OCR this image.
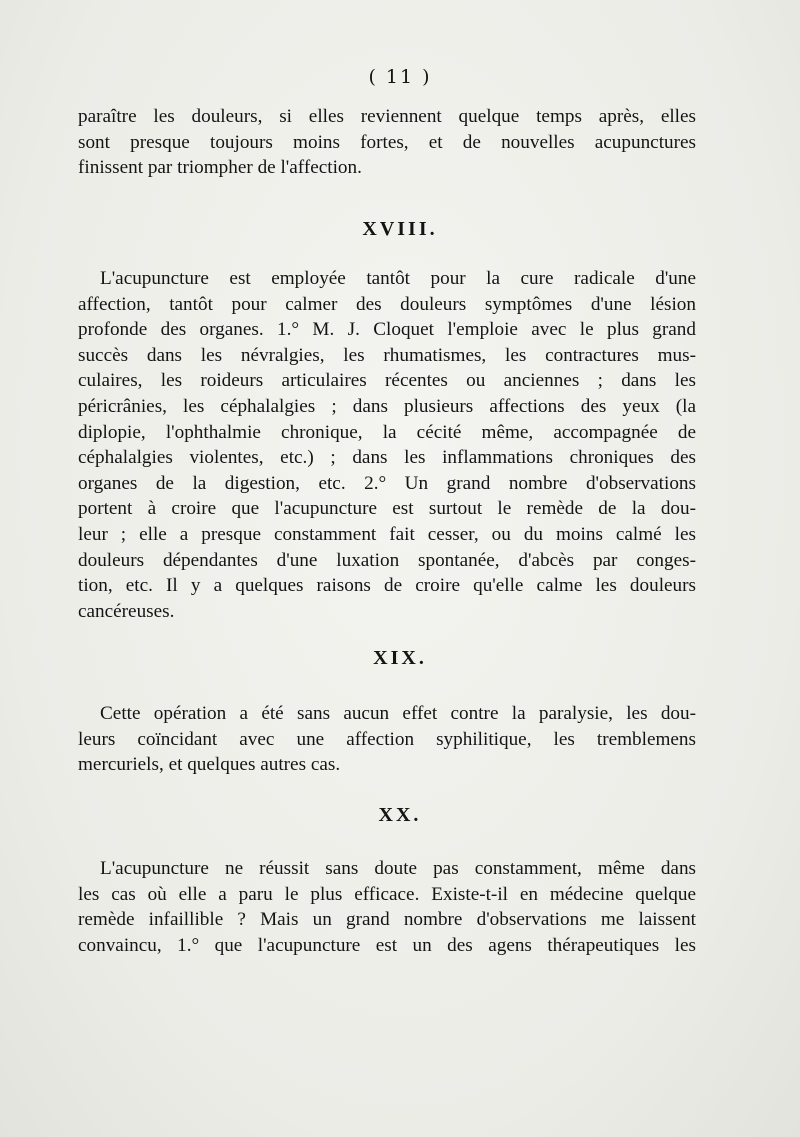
( 11 )
paraître les douleurs, si elles reviennent quelque temps après, elles
sont presque toujours moins fortes, et de nouvelles acupunctures
finissent par triompher de l'affection.
XVIII.
L'acupuncture est employée tantôt pour la cure radicale d'une
affection, tantôt pour calmer des douleurs symptômes d'une lésion
profonde des organes. 1.° M. J. Cloquet l'emploie avec le plus grand
succès dans les névralgies, les rhumatismes, les contractures mus-
culaires, les roideurs articulaires récentes ou anciennes ; dans les
péricrânies, les céphalalgies ; dans plusieurs affections des yeux (la
diplopie, l'ophthalmie chronique, la cécité même, accompagnée de
céphalalgies violentes, etc.) ; dans les inflammations chroniques des
organes de la digestion, etc. 2.° Un grand nombre d'observations
portent à croire que l'acupuncture est surtout le remède de la dou-
leur ; elle a presque constamment fait cesser, ou du moins calmé les
douleurs dépendantes d'une luxation spontanée, d'abcès par conges-
tion, etc. Il y a quelques raisons de croire qu'elle calme les douleurs
cancéreuses.
XIX.
Cette opération a été sans aucun effet contre la paralysie, les dou-
leurs coïncidant avec une affection syphilitique, les tremblemens
mercuriels, et quelques autres cas.
XX.
L'acupuncture ne réussit sans doute pas constamment, même dans
les cas où elle a paru le plus efficace. Existe-t-il en médecine quelque
remède infaillible ? Mais un grand nombre d'observations me laissent
convaincu, 1.° que l'acupuncture est un des agens thérapeutiques les
